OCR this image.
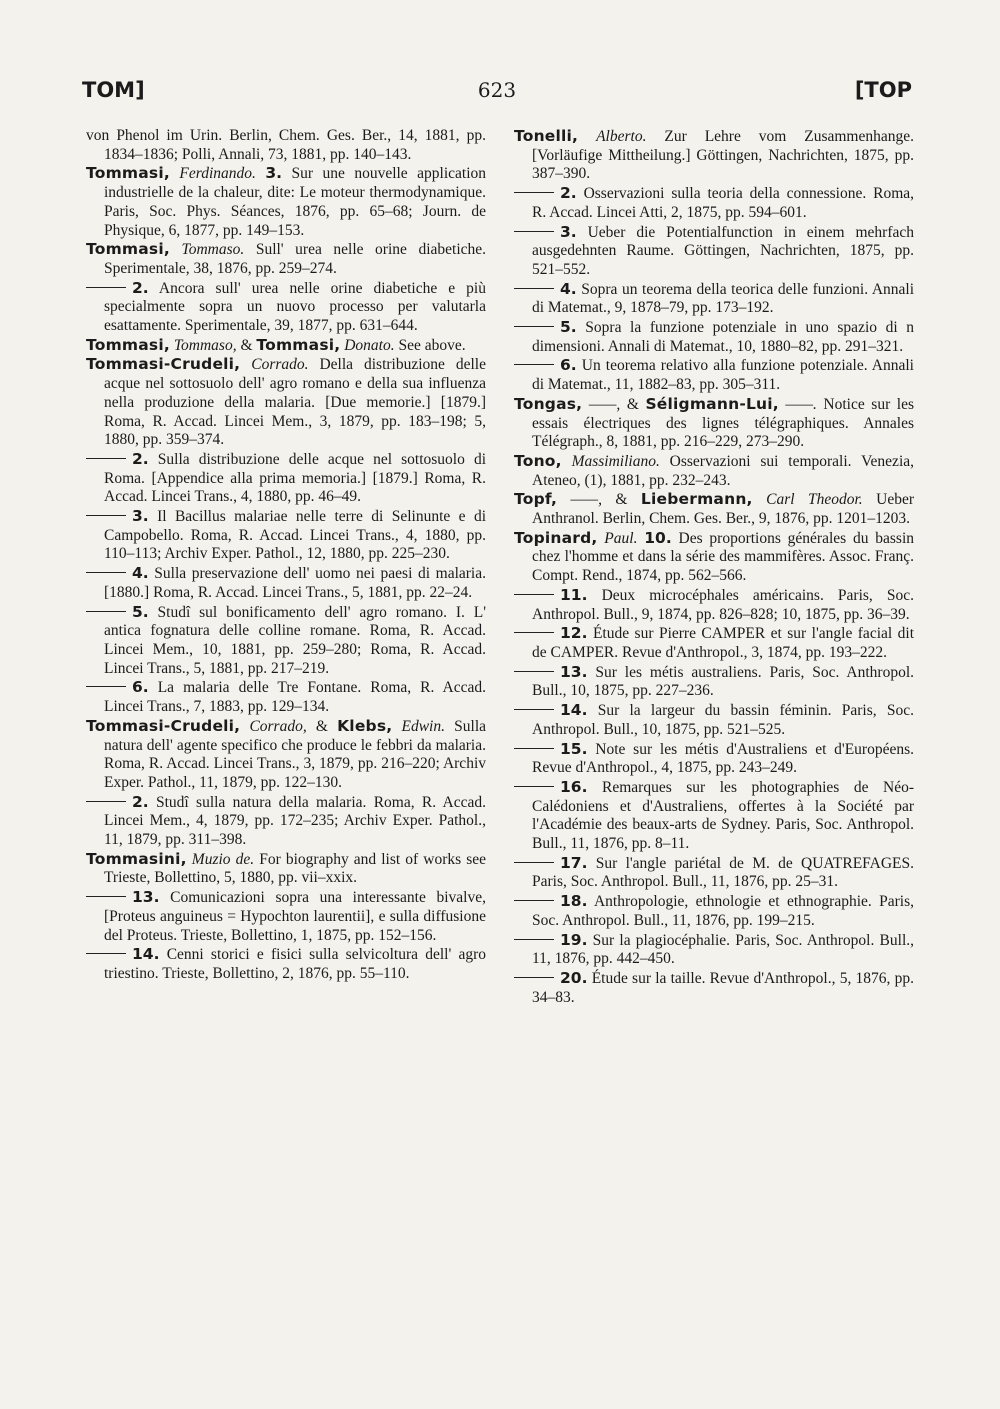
TOM]	623	[TOP

von Phenol im Urin. Berlin, Chem. Ges. Ber., 14, 1881, pp. 1834–1836; Polli, Annali, 73, 1881, pp. 140–143.

Tommasi, Ferdinando. 3. Sur une nouvelle application industrielle de la chaleur, dite: Le moteur thermodynamique. Paris, Soc. Phys. Séances, 1876, pp. 65–68; Journ. de Physique, 6, 1877, pp. 149–153.

Tommasi, Tommaso. Sull' urea nelle orine diabetiche. Sperimentale, 38, 1876, pp. 259–274.

2. Ancora sull' urea nelle orine diabetiche e più specialmente sopra un nuovo processo per valutarla esattamente. Sperimentale, 39, 1877, pp. 631–644.

Tommasi, Tommaso, & Tommasi, Donato. See above.

Tommasi-Crudeli, Corrado. Della distribuzione delle acque nel sottosuolo dell' agro romano e della sua influenza nella produzione della malaria. [Due memorie.] [1879.] Roma, R. Accad. Lincei Mem., 3, 1879, pp. 183–198; 5, 1880, pp. 359–374.

2. Sulla distribuzione delle acque nel sottosuolo di Roma. [Appendice alla prima memoria.] [1879.] Roma, R. Accad. Lincei Trans., 4, 1880, pp. 46–49.

3. Il Bacillus malariae nelle terre di Selinunte e di Campobello. Roma, R. Accad. Lincei Trans., 4, 1880, pp. 110–113; Archiv Exper. Pathol., 12, 1880, pp. 225–230.

4. Sulla preservazione dell' uomo nei paesi di malaria. [1880.] Roma, R. Accad. Lincei Trans., 5, 1881, pp. 22–24.

5. Studî sul bonificamento dell' agro romano. I. L' antica fognatura delle colline romane. Roma, R. Accad. Lincei Mem., 10, 1881, pp. 259–280; Roma, R. Accad. Lincei Trans., 5, 1881, pp. 217–219.

6. La malaria delle Tre Fontane. Roma, R. Accad. Lincei Trans., 7, 1883, pp. 129–134.

Tommasi-Crudeli, Corrado, & Klebs, Edwin. Sulla natura dell' agente specifico che produce le febbri da malaria. Roma, R. Accad. Lincei Trans., 3, 1879, pp. 216–220; Archiv Exper. Pathol., 11, 1879, pp. 122–130.

2. Studî sulla natura della malaria. Roma, R. Accad. Lincei Mem., 4, 1879, pp. 172–235; Archiv Exper. Pathol., 11, 1879, pp. 311–398.

Tommasini, Muzio de. For biography and list of works see Trieste, Bollettino, 5, 1880, pp. vii–xxix.

13. Comunicazioni sopra una interessante bivalve, [Proteus anguineus = Hypochton laurentii], e sulla diffusione del Proteus. Trieste, Bollettino, 1, 1875, pp. 152–156.

14. Cenni storici e fisici sulla selvicoltura dell' agro triestino. Trieste, Bollettino, 2, 1876, pp. 55–110.

Tonelli, Alberto. Zur Lehre vom Zusammenhange. [Vorläufige Mittheilung.] Göttingen, Nachrichten, 1875, pp. 387–390.

2. Osservazioni sulla teoria della connessione. Roma, R. Accad. Lincei Atti, 2, 1875, pp. 594–601.

3. Ueber die Potentialfunction in einem mehrfach ausgedehnten Raume. Göttingen, Nachrichten, 1875, pp. 521–552.

4. Sopra un teorema della teorica delle funzioni. Annali di Matemat., 9, 1878–79, pp. 173–192.

5. Sopra la funzione potenziale in uno spazio di n dimensioni. Annali di Matemat., 10, 1880–82, pp. 291–321.

6. Un teorema relativo alla funzione potenziale. Annali di Matemat., 11, 1882–83, pp. 305–311.

Tongas, ——, & Séligmann-Lui, ——. Notice sur les essais électriques des lignes télégraphiques. Annales Télégraph., 8, 1881, pp. 216–229, 273–290.

Tono, Massimiliano. Osservazioni sui temporali. Venezia, Ateneo, (1), 1881, pp. 232–243.

Topf, ——, & Liebermann, Carl Theodor. Ueber Anthranol. Berlin, Chem. Ges. Ber., 9, 1876, pp. 1201–1203.

Topinard, Paul. 10. Des proportions générales du bassin chez l'homme et dans la série des mammifères. Assoc. Franç. Compt. Rend., 1874, pp. 562–566.

11. Deux microcéphales américains. Paris, Soc. Anthropol. Bull., 9, 1874, pp. 826–828; 10, 1875, pp. 36–39.

12. Étude sur Pierre CAMPER et sur l'angle facial dit de CAMPER. Revue d'Anthropol., 3, 1874, pp. 193–222.

13. Sur les métis australiens. Paris, Soc. Anthropol. Bull., 10, 1875, pp. 227–236.

14. Sur la largeur du bassin féminin. Paris, Soc. Anthropol. Bull., 10, 1875, pp. 521–525.

15. Note sur les métis d'Australiens et d'Européens. Revue d'Anthropol., 4, 1875, pp. 243–249.

16. Remarques sur les photographies de Néo-Calédoniens et d'Australiens, offertes à la Société par l'Académie des beaux-arts de Sydney. Paris, Soc. Anthropol. Bull., 11, 1876, pp. 8–11.

17. Sur l'angle pariétal de M. de QUATREFAGES. Paris, Soc. Anthropol. Bull., 11, 1876, pp. 25–31.

18. Anthropologie, ethnologie et ethnographie. Paris, Soc. Anthropol. Bull., 11, 1876, pp. 199–215.

19. Sur la plagiocéphalie. Paris, Soc. Anthropol. Bull., 11, 1876, pp. 442–450.

20. Étude sur la taille. Revue d'Anthropol., 5, 1876, pp. 34–83.
